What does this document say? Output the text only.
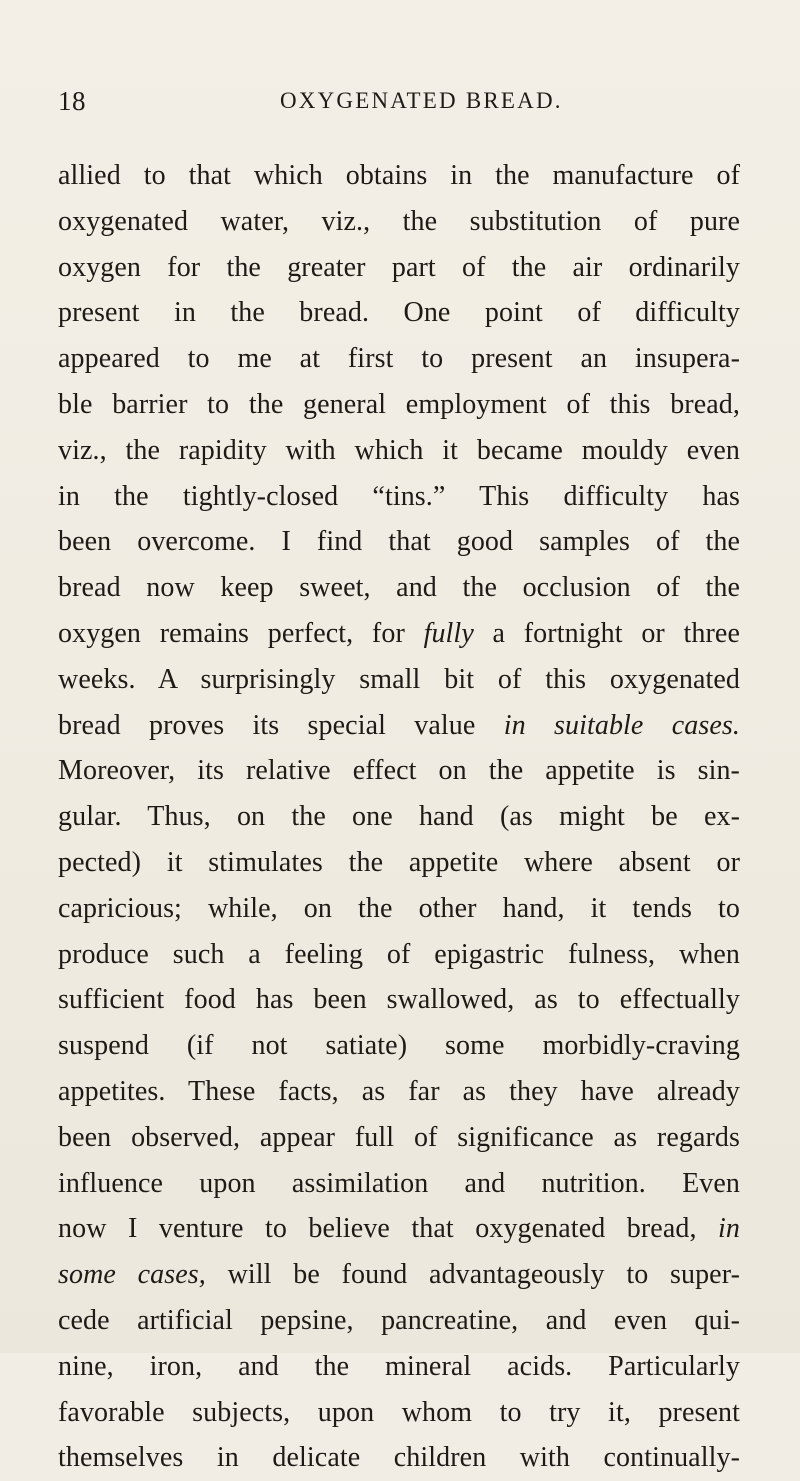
18	OXYGENATED BREAD.
allied to that which obtains in the manufacture of
oxygenated water, viz., the substitution of pure
oxygen for the greater part of the air ordinarily
present in the bread. One point of difficulty
appeared to me at first to present an insupera-
ble barrier to the general employment of this bread,
viz., the rapidity with which it became mouldy even
in the tightly-closed “tins.” This difficulty has
been overcome. I find that good samples of the
bread now keep sweet, and the occlusion of the
oxygen remains perfect, for fully a fortnight or three
weeks. A surprisingly small bit of this oxygenated
bread proves its special value in suitable cases.
Moreover, its relative effect on the appetite is sin-
gular. Thus, on the one hand (as might be ex-
pected) it stimulates the appetite where absent or
capricious; while, on the other hand, it tends to
produce such a feeling of epigastric fulness, when
sufficient food has been swallowed, as to effectually
suspend (if not satiate) some morbidly-craving
appetites. These facts, as far as they have already
been observed, appear full of significance as regards
influence upon assimilation and nutrition. Even
now I venture to believe that oxygenated bread, in
some cases, will be found advantageously to super-
cede artificial pepsine, pancreatine, and even qui-
nine, iron, and the mineral acids. Particularly
favorable subjects, upon whom to try it, present
themselves in delicate children with continually-
